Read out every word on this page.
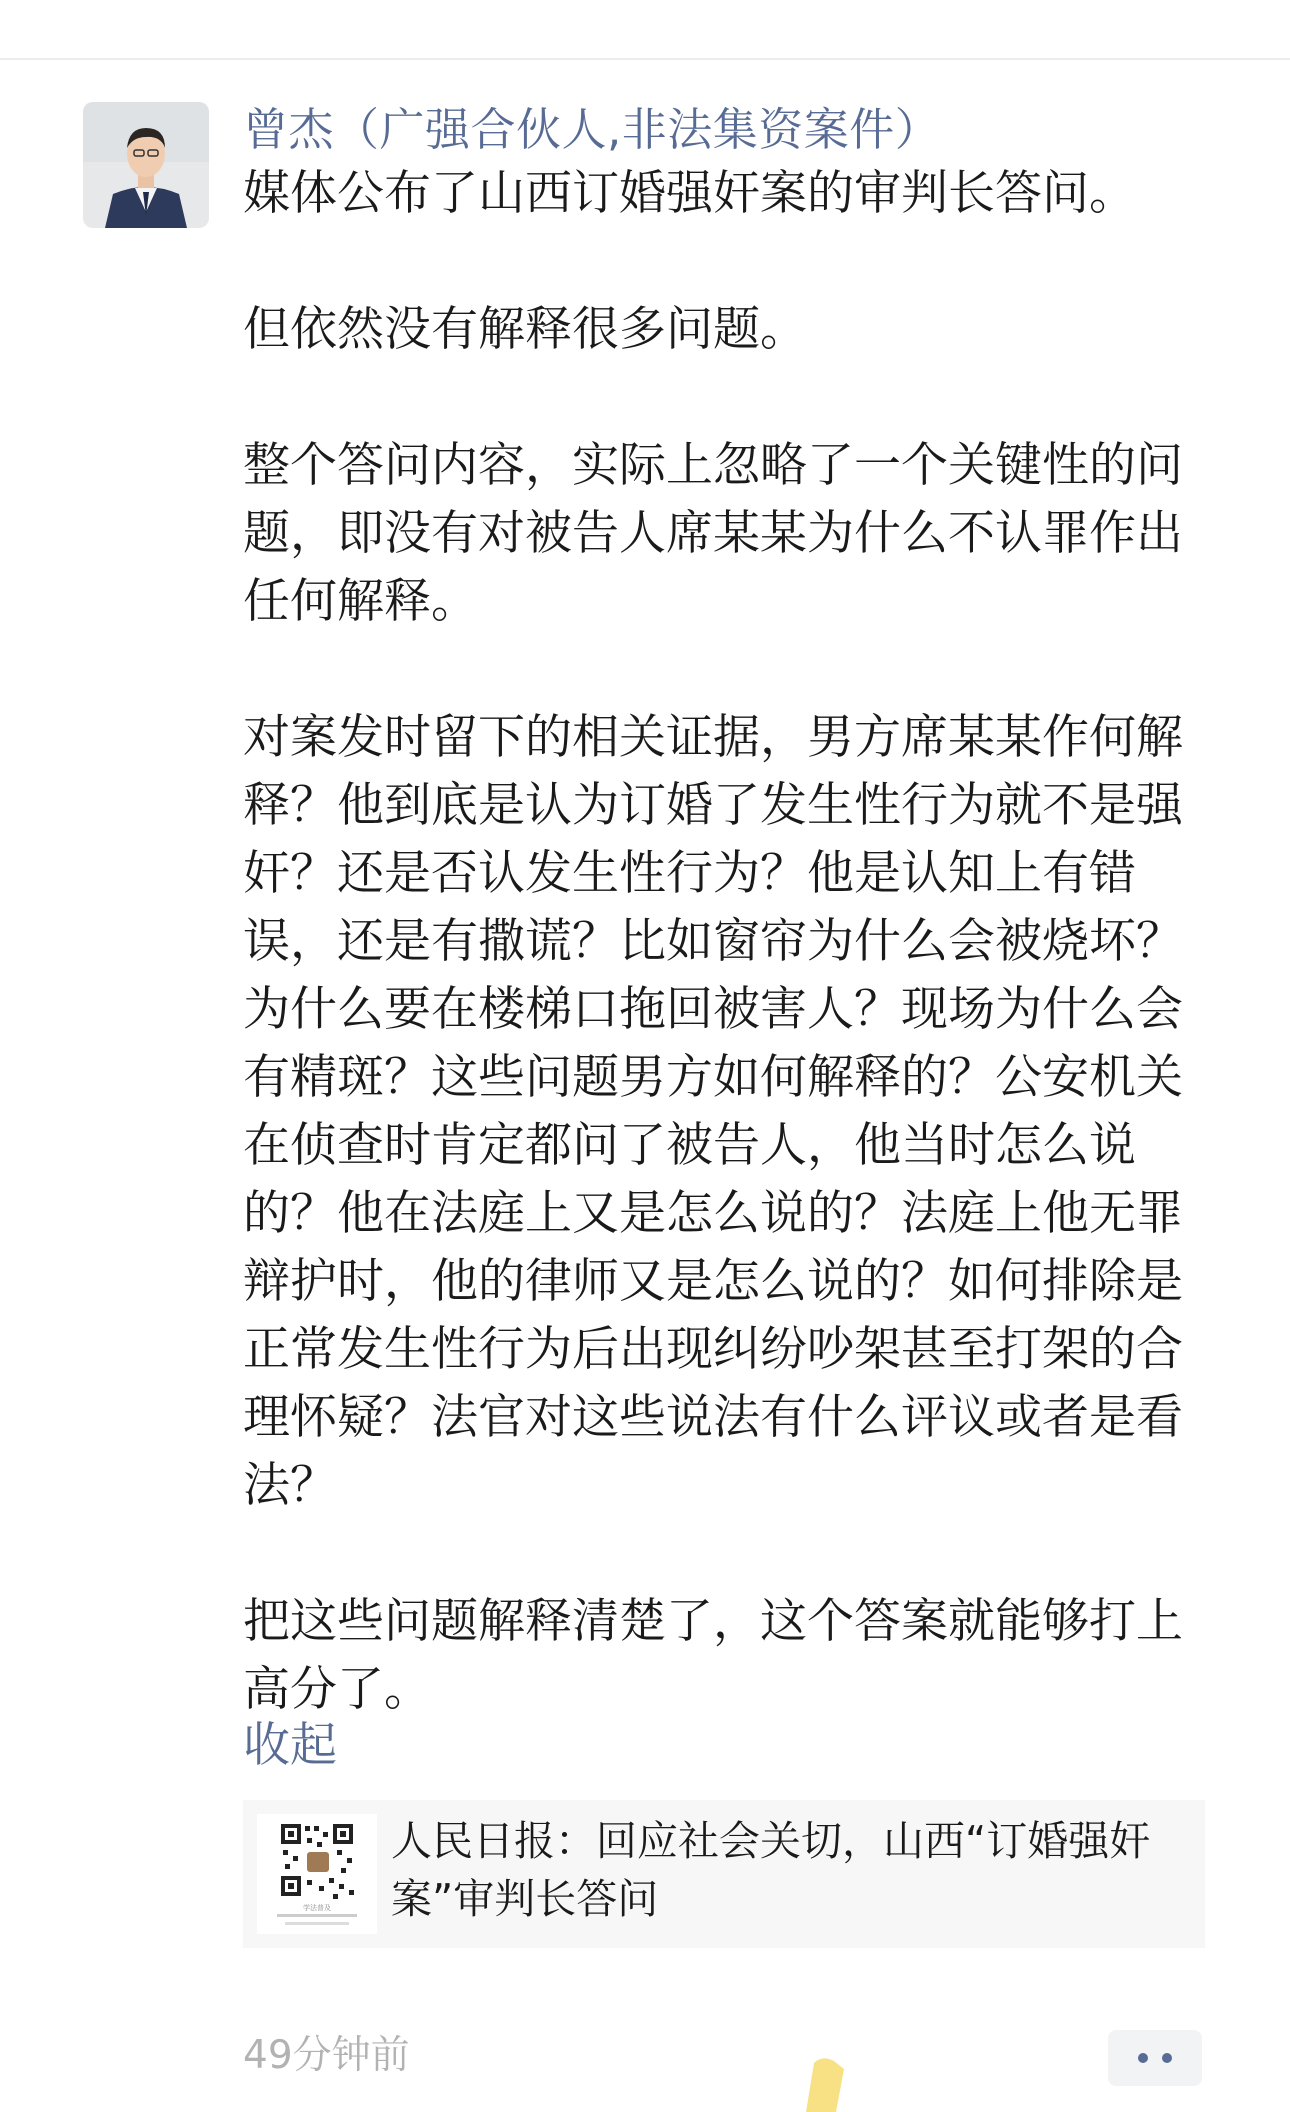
曾杰（广强合伙人,非法集资案件）
媒体公布了山西订婚强奸案的审判长答问。
但依然没有解释很多问题。
整个答问内容，实际上忽略了一个关键性的问题，即没有对被告人席某某为什么不认罪作出任何解释。
对案发时留下的相关证据，男方席某某作何解释？他到底是认为订婚了发生性行为就不是强奸？还是否认发生性行为？他是认知上有错误，还是有撒谎？比如窗帘为什么会被烧坏？为什么要在楼梯口拖回被害人？现场为什么会有精斑？这些问题男方如何解释的？公安机关在侦查时肯定都问了被告人，他当时怎么说的？他在法庭上又是怎么说的？法庭上他无罪辩护时，他的律师又是怎么说的？如何排除是正常发生性行为后出现纠纷吵架甚至打架的合理怀疑？法官对这些说法有什么评议或者是看法？
把这些问题解释清楚了，这个答案就能够打上高分了。
收起
学法普及
人民日报：回应社会关切，山西“订婚强奸案”审判长答问
49分钟前
